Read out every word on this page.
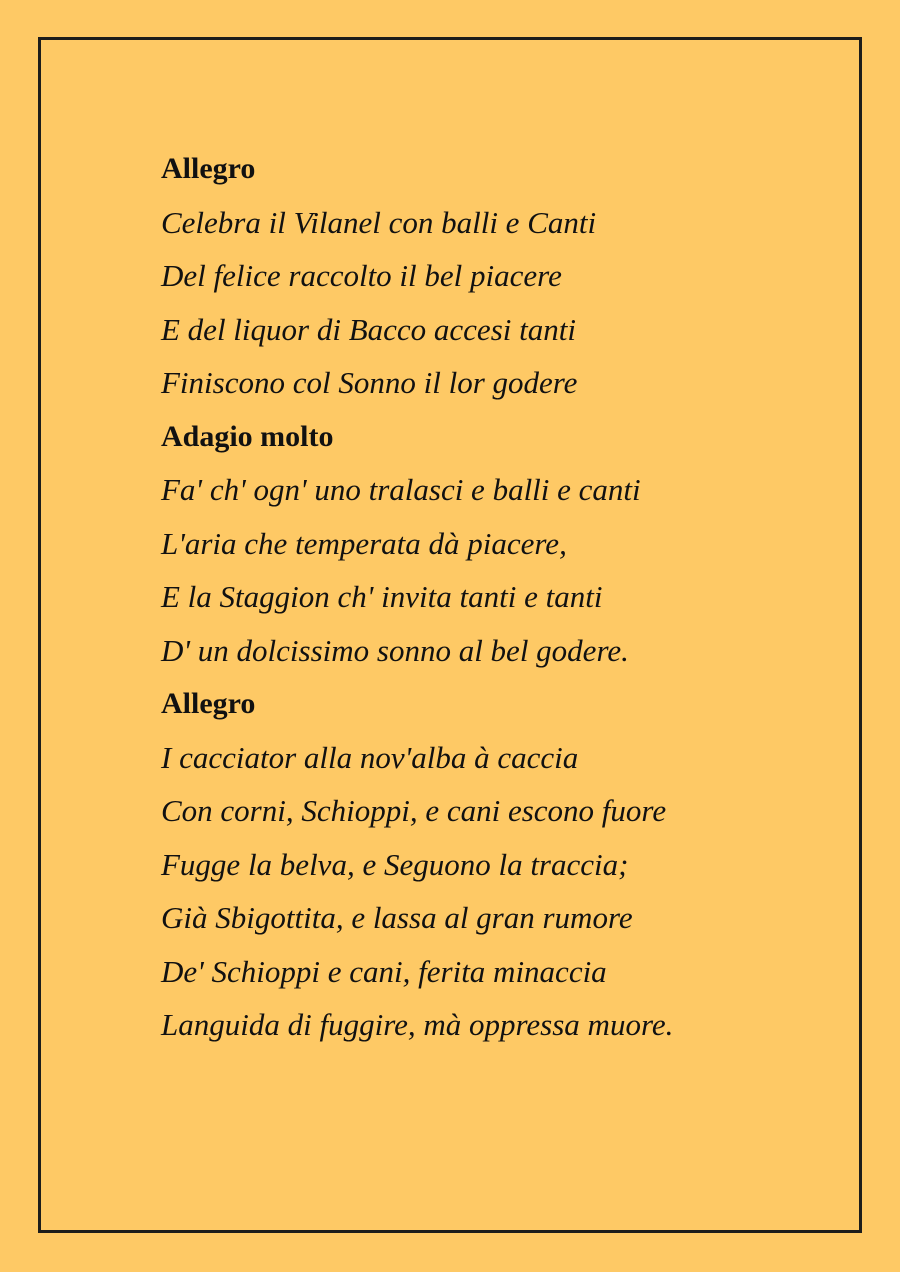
Allegro
Celebra il Vilanel con balli e Canti
Del felice raccolto il bel piacere
E del liquor di Bacco accesi tanti
Finiscono col Sonno il lor godere
Adagio molto
Fa' ch' ogn' uno tralasci e balli e canti
L'aria che temperata dà piacere,
E la Staggion ch' invita tanti e tanti
D' un dolcissimo sonno al bel godere.
Allegro
I cacciator alla nov'alba à caccia
Con corni, Schioppi, e cani escono fuore
Fugge la belva, e Seguono la traccia;
Già Sbigottita, e lassa al gran rumore
De' Schioppi e cani, ferita minaccia
Languida di fuggire, mà oppressa muore.
